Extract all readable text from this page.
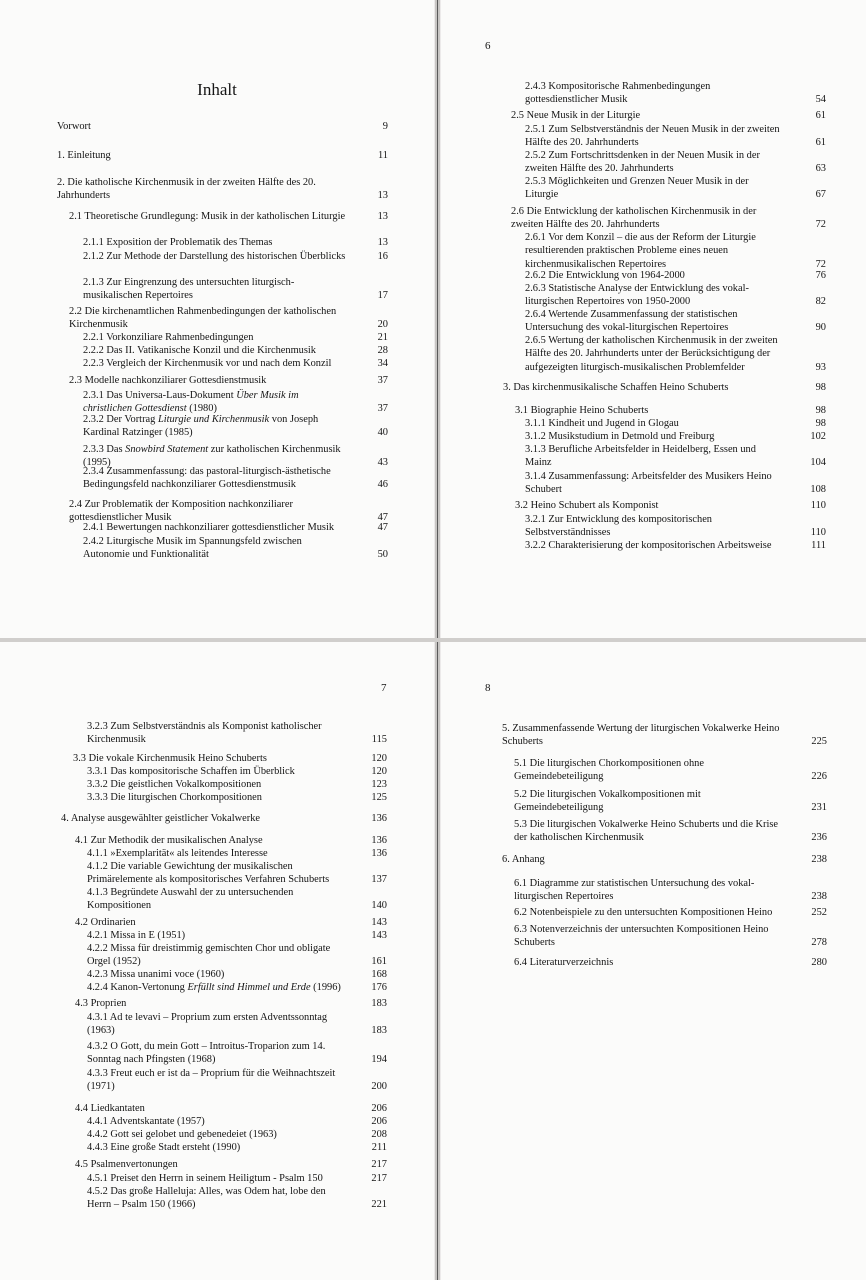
Inhalt
Vorwort	9
1. Einleitung	11
2. Die katholische Kirchenmusik in der zweiten Hälfte des 20. Jahrhunderts	13
2.1 Theoretische Grundlegung: Musik in der katholischen Liturgie	13
2.1.1 Exposition der Problematik des Themas	13
2.1.2 Zur Methode der Darstellung des historischen Überblicks	16
2.1.3 Zur Eingrenzung des untersuchten liturgisch-musikalischen Repertoires	17
2.2 Die kirchenamtlichen Rahmenbedingungen der katholischen Kirchenmusik	20
2.2.1 Vorkonziliare Rahmenbedingungen	21
2.2.2 Das II. Vatikanische Konzil und die Kirchenmusik	28
2.2.3 Vergleich der Kirchenmusik vor und nach dem Konzil	34
2.3 Modelle nachkonziliarer Gottesdienstmusik	37
2.3.1 Das Universa-Laus-Dokument Über Musik im christlichen Gottesdienst (1980)	37
2.3.2 Der Vortrag Liturgie und Kirchenmusik von Joseph Kardinal Ratzinger (1985)	40
2.3.3 Das Snowbird Statement zur katholischen Kirchenmusik (1995)	43
2.3.4 Zusammenfassung: das pastoral-liturgisch-ästhetische Bedingungsfeld nachkonziliarer Gottesdienstmusik	46
2.4 Zur Problematik der Komposition nachkonziliarer gottesdienstlicher Musik	47
2.4.1 Bewertungen nachkonziliarer gottesdienstlicher Musik	47
2.4.2 Liturgische Musik im Spannungsfeld zwischen Autonomie und Funktionalität	50
6
2.4.3 Kompositorische Rahmenbedingungen gottesdienstlicher Musik	54
2.5 Neue Musik in der Liturgie	61
2.5.1 Zum Selbstverständnis der Neuen Musik in der zweiten Hälfte des 20. Jahrhunderts	61
2.5.2 Zum Fortschrittsdenken in der Neuen Musik in der zweiten Hälfte des 20. Jahrhunderts	63
2.5.3 Möglichkeiten und Grenzen Neuer Musik in der Liturgie	67
2.6 Die Entwicklung der katholischen Kirchenmusik in der zweiten Hälfte des 20. Jahrhunderts	72
2.6.1 Vor dem Konzil – die aus der Reform der Liturgie resultierenden praktischen Probleme eines neuen kirchenmusikalischen Repertoires	72
2.6.2 Die Entwicklung von 1964-2000	76
2.6.3 Statistische Analyse der Entwicklung des vokal-liturgischen Repertoires von 1950-2000	82
2.6.4 Wertende Zusammenfassung der statistischen Untersuchung des vokal-liturgischen Repertoires	90
2.6.5 Wertung der katholischen Kirchenmusik in der zweiten Hälfte des 20. Jahrhunderts unter der Berücksichtigung der aufgezeigten liturgisch-musikalischen Problemfelder	93
3. Das kirchenmusikalische Schaffen Heino Schuberts	98
3.1 Biographie Heino Schuberts	98
3.1.1 Kindheit und Jugend in Glogau	98
3.1.2 Musikstudium in Detmold und Freiburg	102
3.1.3 Berufliche Arbeitsfelder in Heidelberg, Essen und Mainz	104
3.1.4 Zusammenfassung: Arbeitsfelder des Musikers Heino Schubert	108
3.2 Heino Schubert als Komponist	110
3.2.1 Zur Entwicklung des kompositorischen Selbstverständnisses	110
3.2.2 Charakterisierung der kompositorischen Arbeitsweise	111
7
3.2.3 Zum Selbstverständnis als Komponist katholischer Kirchenmusik	115
3.3 Die vokale Kirchenmusik Heino Schuberts	120
3.3.1 Das kompositorische Schaffen im Überblick	120
3.3.2 Die geistlichen Vokalkompositionen	123
3.3.3 Die liturgischen Chorkompositionen	125
4. Analyse ausgewählter geistlicher Vokalwerke	136
4.1 Zur Methodik der musikalischen Analyse	136
4.1.1 »Exemplarität« als leitendes Interesse	136
4.1.2 Die variable Gewichtung der musikalischen Primärelemente als kompositorisches Verfahren Schuberts	137
4.1.3 Begründete Auswahl der zu untersuchenden Kompositionen	140
4.2 Ordinarien	143
4.2.1 Missa in E (1951)	143
4.2.2 Missa für dreistimmig gemischten Chor und obligate Orgel (1952)	161
4.2.3 Missa unanimi voce (1960)	168
4.2.4 Kanon-Vertonung Erfüllt sind Himmel und Erde (1996)	176
4.3 Proprien	183
4.3.1 Ad te levavi – Proprium zum ersten Adventssonntag (1963)	183
4.3.2 O Gott, du mein Gott – Introitus-Troparion zum 14. Sonntag nach Pfingsten (1968)	194
4.3.3 Freut euch er ist da – Proprium für die Weihnachtszeit (1971)	200
4.4 Liedkantaten	206
4.4.1 Adventskantate (1957)	206
4.4.2 Gott sei gelobet und gebenedeiet (1963)	208
4.4.3 Eine große Stadt ersteht (1990)	211
4.5 Psalmenvertonungen	217
4.5.1 Preiset den Herrn in seinem Heiligtum - Psalm 150	217
4.5.2 Das große Halleluja: Alles, was Odem hat, lobe den Herrn – Psalm 150 (1966)	221
8
5. Zusammenfassende Wertung der liturgischen Vokalwerke Heino Schuberts	225
5.1 Die liturgischen Chorkompositionen ohne Gemeindebeteiligung	226
5.2 Die liturgischen Vokalkompositionen mit Gemeindebeteiligung	231
5.3 Die liturgischen Vokalwerke Heino Schuberts und die Krise der katholischen Kirchenmusik	236
6. Anhang	238
6.1 Diagramme zur statistischen Untersuchung des vokal-liturgischen Repertoires	238
6.2 Notenbeispiele zu den untersuchten Kompositionen Heino	252
6.3 Notenverzeichnis der untersuchten Kompositionen Heino Schuberts	278
6.4 Literaturverzeichnis	280
